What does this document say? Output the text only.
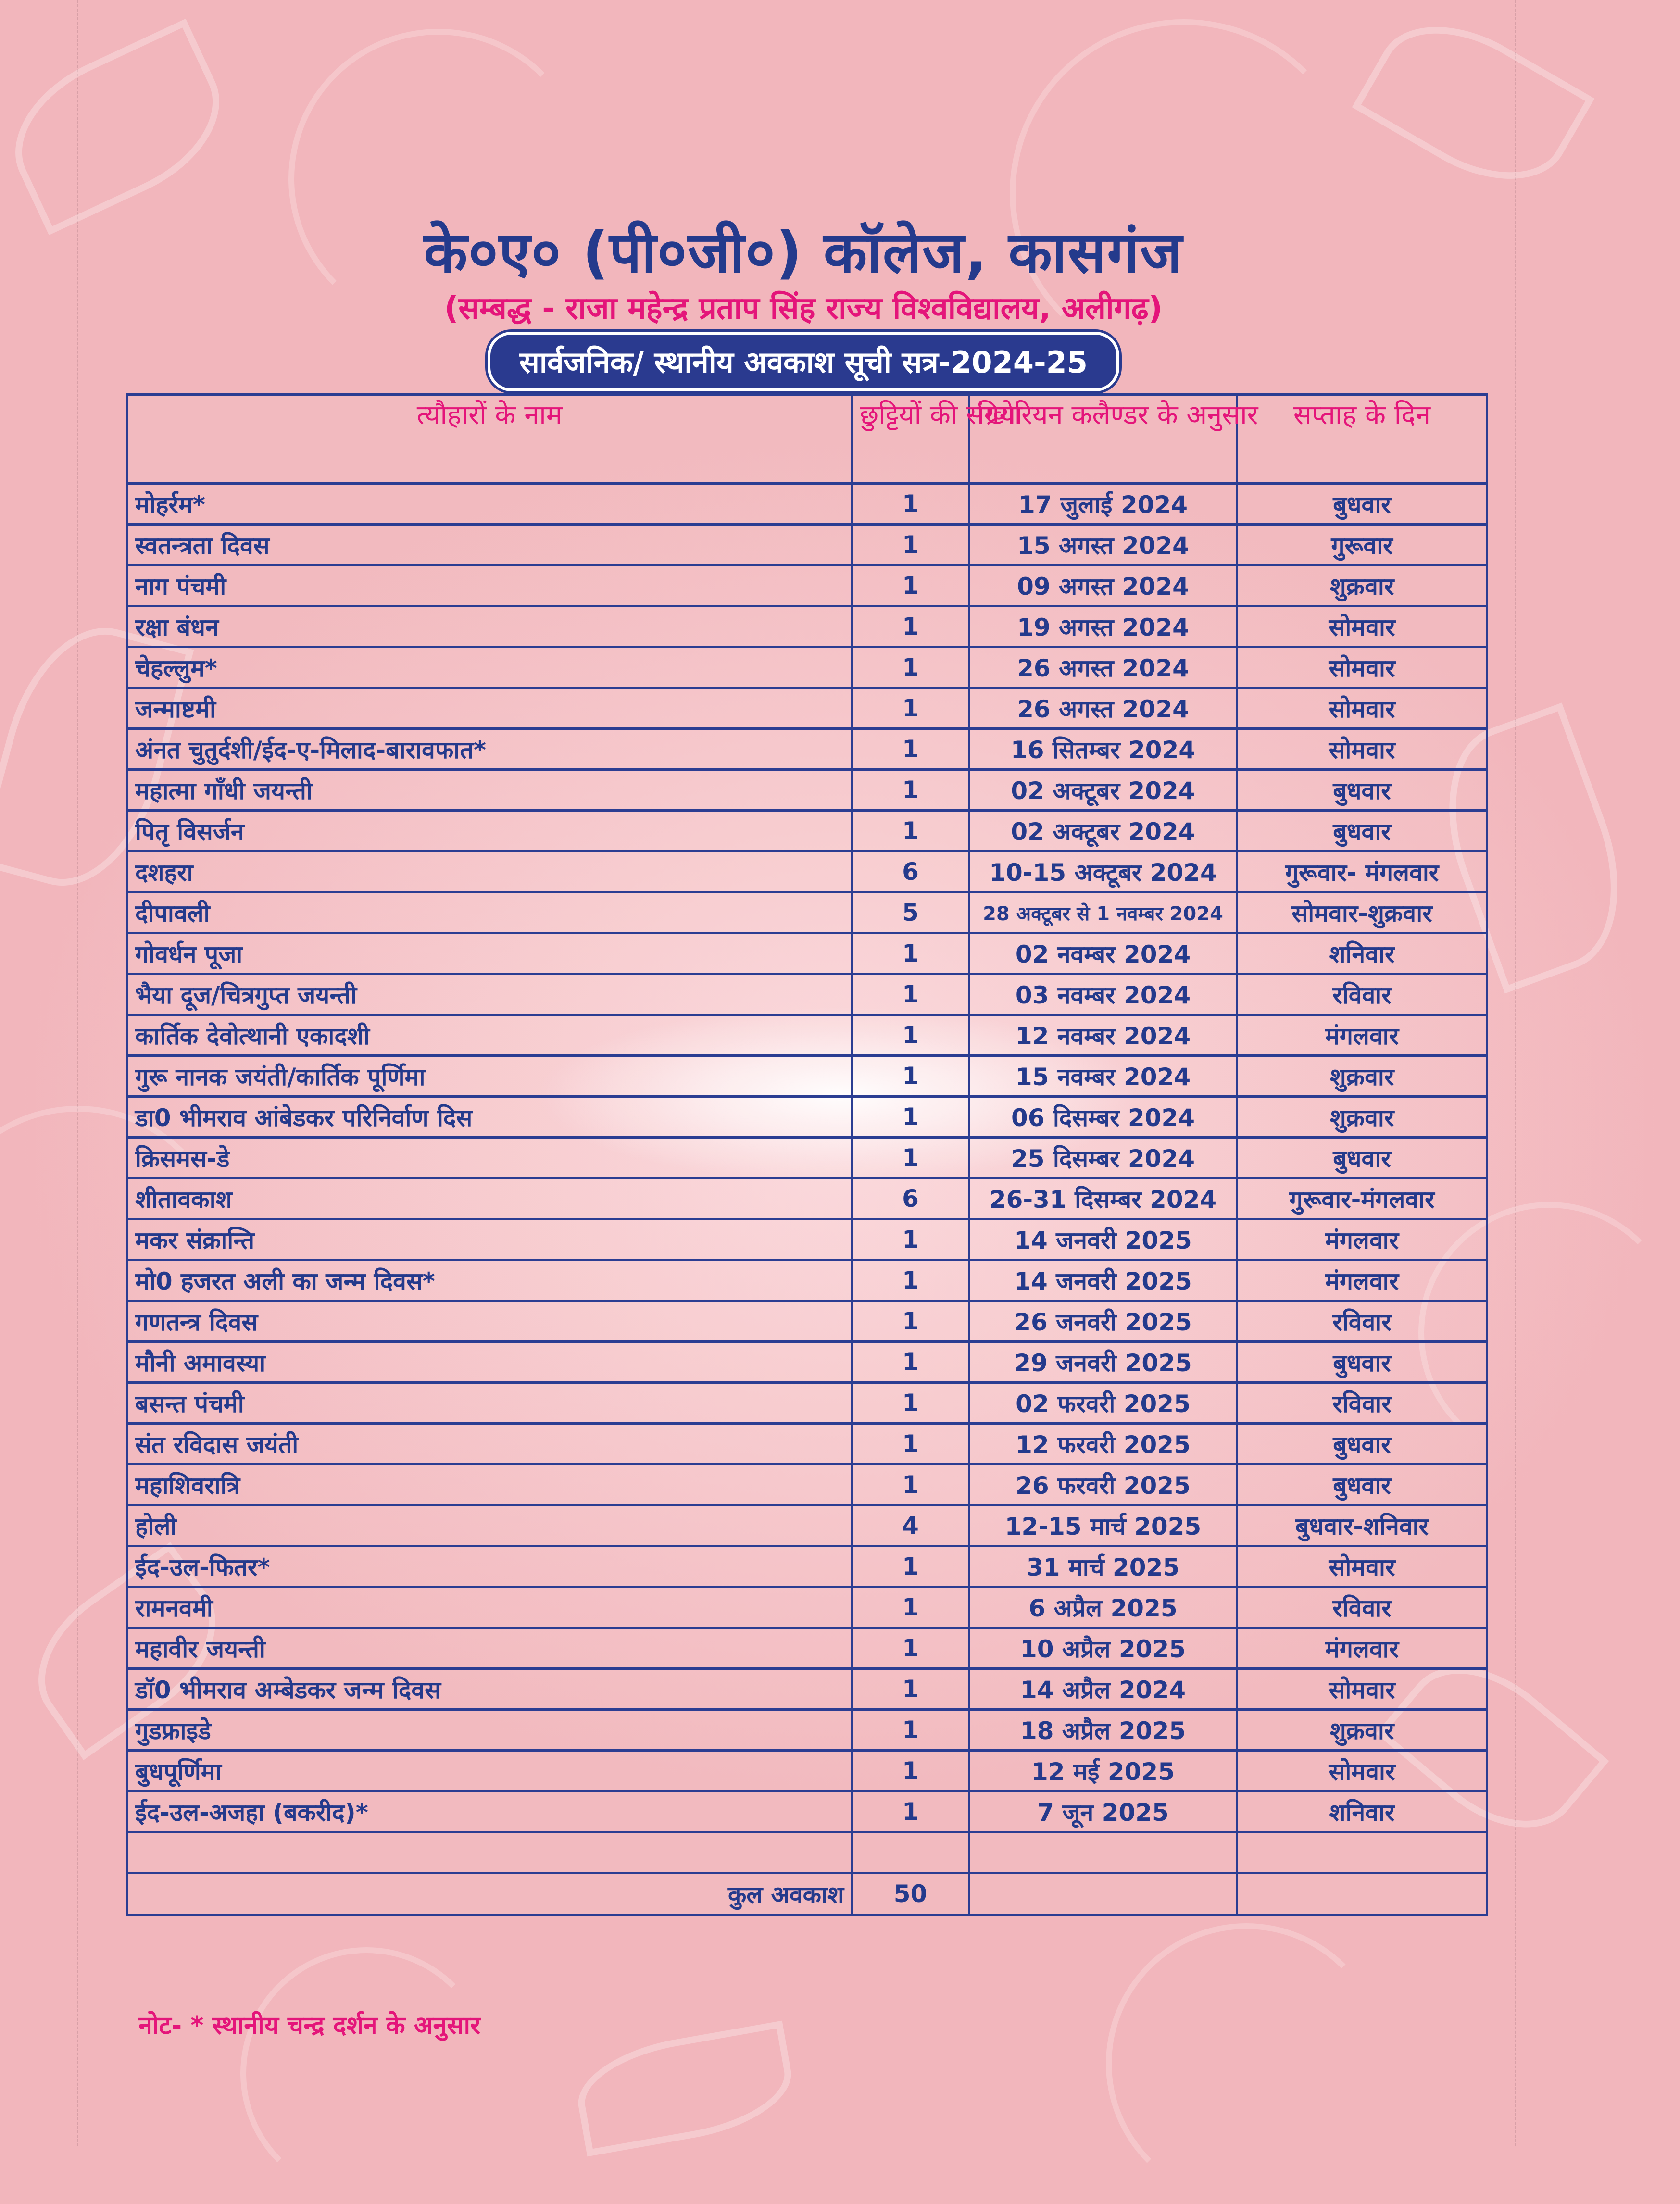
के०ए० (पी०जी०) कॉलेज, कासगंज
(सम्बद्ध - राजा महेन्द्र प्रताप सिंह राज्य विश्वविद्यालय, अलीगढ़)
सार्वजनिक/ स्थानीय अवकाश सूची सत्र-2024-25
त्यौहारों के नाम	छुट्टियों की संख्या	ग्रिगेरियन कलैण्डर के अनुसार	सप्ताह के दिन
मोहर्रम*	1	17 जुलाई 2024	बुधवार
स्वतन्त्रता दिवस	1	15 अगस्त 2024	गुरूवार
नाग पंचमी	1	09 अगस्त 2024	शुक्रवार
रक्षा बंधन	1	19 अगस्त 2024	सोमवार
चेहल्लुम*	1	26 अगस्त 2024	सोमवार
जन्माष्टमी	1	26 अगस्त 2024	सोमवार
अंनत चुतुर्दशी/ईद-ए-मिलाद-बारावफात*	1	16 सितम्बर 2024	सोमवार
महात्मा गाँधी जयन्ती	1	02 अक्टूबर 2024	बुधवार
पितृ विसर्जन	1	02 अक्टूबर 2024	बुधवार
दशहरा	6	10-15 अक्टूबर 2024	गुरूवार- मंगलवार
दीपावली	5	28 अक्टूबर से 1 नवम्बर 2024	सोमवार-शुक्रवार
गोवर्धन पूजा	1	02 नवम्बर 2024	शनिवार
भैया दूज/चित्रगुप्त जयन्ती	1	03 नवम्बर 2024	रविवार
कार्तिक देवोत्थानी एकादशी	1	12 नवम्बर 2024	मंगलवार
गुरू नानक जयंती/कार्तिक पूर्णिमा	1	15 नवम्बर 2024	शुक्रवार
डा0 भीमराव आंबेडकर परिनिर्वाण दिस	1	06 दिसम्बर 2024	शुक्रवार
क्रिसमस-डे	1	25 दिसम्बर 2024	बुधवार
शीतावकाश	6	26-31 दिसम्बर 2024	गुरूवार-मंगलवार
मकर संक्रान्ति	1	14 जनवरी 2025	मंगलवार
मो0 हजरत अली का जन्म दिवस*	1	14 जनवरी 2025	मंगलवार
गणतन्त्र दिवस	1	26 जनवरी 2025	रविवार
मौनी अमावस्या	1	29 जनवरी 2025	बुधवार
बसन्त पंचमी	1	02 फरवरी 2025	रविवार
संत रविदास जयंती	1	12 फरवरी 2025	बुधवार
महाशिवरात्रि	1	26 फरवरी 2025	बुधवार
होली	4	12-15 मार्च 2025	बुधवार-शनिवार
ईद-उल-फितर*	1	31 मार्च 2025	सोमवार
रामनवमी	1	6 अप्रैल 2025	रविवार
महावीर जयन्ती	1	10 अप्रैल 2025	मंगलवार
डॉ0 भीमराव अम्बेडकर जन्म दिवस	1	14 अप्रैल 2024	सोमवार
गुडफ्राइडे	1	18 अप्रैल 2025	शुक्रवार
बुधपूर्णिमा	1	12 मई 2025	सोमवार
ईद-उल-अजहा (बकरीद)*	1	7 जून 2025	शनिवार

कुल अवकाश	50		
नोट- * स्थानीय चन्द्र दर्शन के अनुसार
